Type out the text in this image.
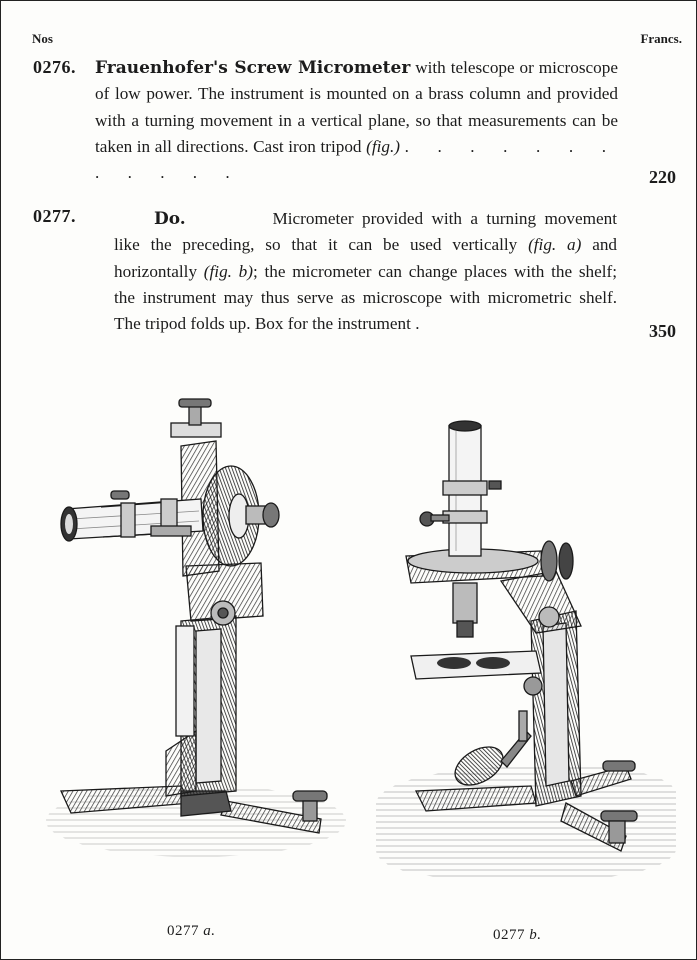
Nos	Francs.
0276. Frauenhofer's Screw Micrometer with telescope or microscope of low power. The instrument is mounted on a brass column and provided with a turning movement in a vertical plane, so that measurements can be taken in all directions. Cast iron tripod (fig.) . . . . . . . . . . . .	220
0277.	Do.	Micrometer provided with a turning movement like the preceding, so that it can be used vertically (fig. a) and horizontally (fig. b); the micrometer can change places with the shelf; the instrument may thus serve as microscope with micrometric shelf. The tripod folds up. Box for the instrument .	350
0277 a.	0277 b.
